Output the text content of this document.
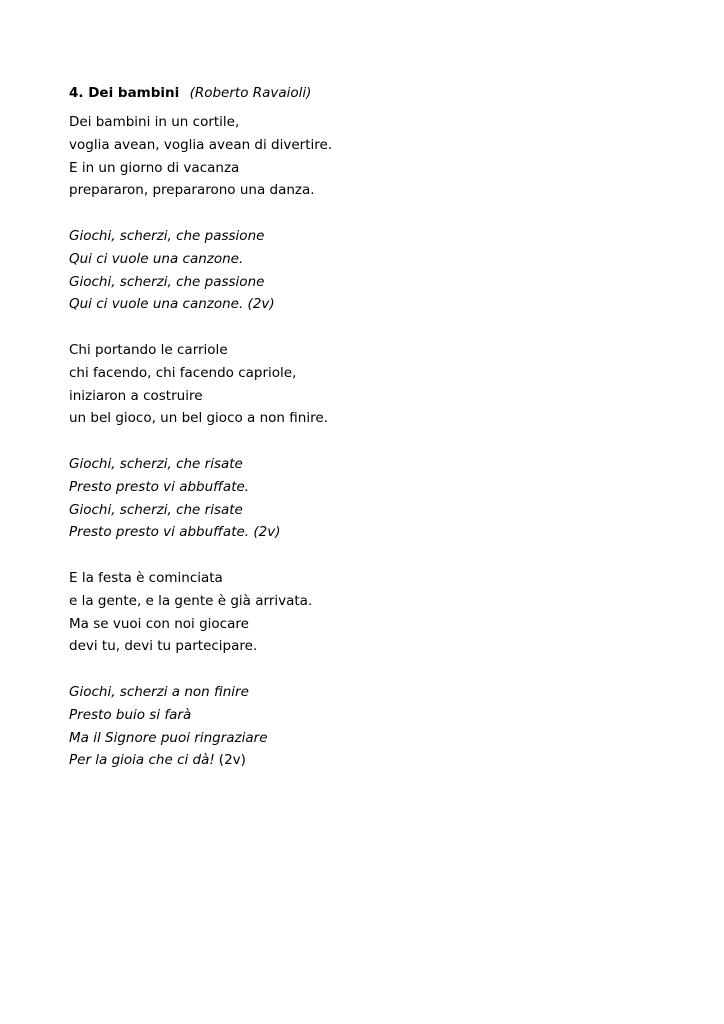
4. Dei bambini (Roberto Ravaioli)
Dei bambini in un cortile,
voglia avean, voglia avean di divertire.
E in un giorno di vacanza
prepararon, prepararono una danza.
Giochi, scherzi, che passione
Qui ci vuole una canzone.
Giochi, scherzi, che passione
Qui ci vuole una canzone. (2v)
Chi portando le carriole
chi facendo, chi facendo capriole,
iniziaron a costruire
un bel gioco, un bel gioco a non finire.
Giochi, scherzi, che risate
Presto presto vi abbuffate.
Giochi, scherzi, che risate
Presto presto vi abbuffate. (2v)
E la festa è cominciata
e la gente, e la gente è già arrivata.
Ma se vuoi con noi giocare
devi tu, devi tu partecipare.
Giochi, scherzi a non finire
Presto buio si farà
Ma il Signore puoi ringraziare
Per la gioia che ci dà! (2v)
